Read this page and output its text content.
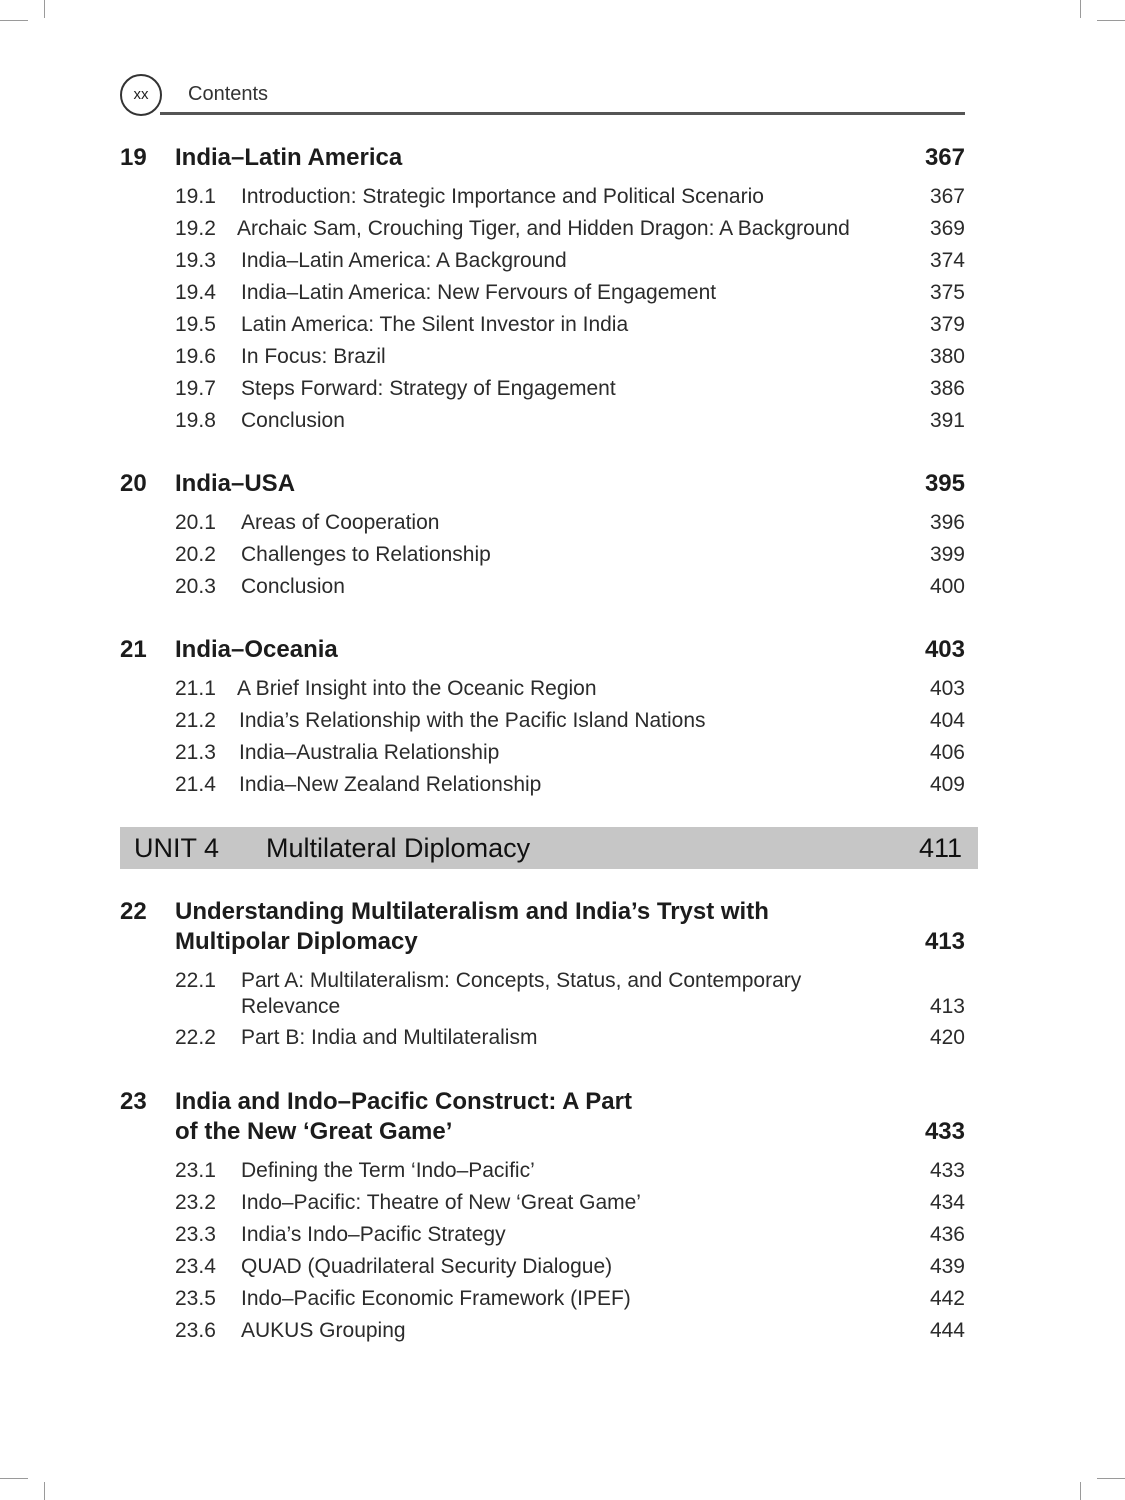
xx	Contents
19 India–Latin America	367
19.1 Introduction: Strategic Importance and Political Scenario	367
19.2 Archaic Sam, Crouching Tiger, and Hidden Dragon: A Background	369
19.3 India–Latin America: A Background	374
19.4 India–Latin America: New Fervours of Engagement	375
19.5 Latin America: The Silent Investor in India	379
19.6 In Focus: Brazil	380
19.7 Steps Forward: Strategy of Engagement	386
19.8 Conclusion	391
20 India–USA	395
20.1 Areas of Cooperation	396
20.2 Challenges to Relationship	399
20.3 Conclusion	400
21 India–Oceania	403
21.1 A Brief Insight into the Oceanic Region	403
21.2 India’s Relationship with the Pacific Island Nations	404
21.3 India–Australia Relationship	406
21.4 India–New Zealand Relationship	409
UNIT 4 Multilateral Diplomacy	411
22 Understanding Multilateralism and India’s Tryst with
Multipolar Diplomacy	413
22.1 Part A: Multilateralism: Concepts, Status, and Contemporary
Relevance	413
22.2 Part B: India and Multilateralism	420
23 India and Indo–Pacific Construct: A Part
of the New ‘Great Game’	433
23.1 Defining the Term ‘Indo–Pacific’	433
23.2 Indo–Pacific: Theatre of New ‘Great Game’	434
23.3 India’s Indo–Pacific Strategy	436
23.4 QUAD (Quadrilateral Security Dialogue)	439
23.5 Indo–Pacific Economic Framework (IPEF)	442
23.6 AUKUS Grouping	444
